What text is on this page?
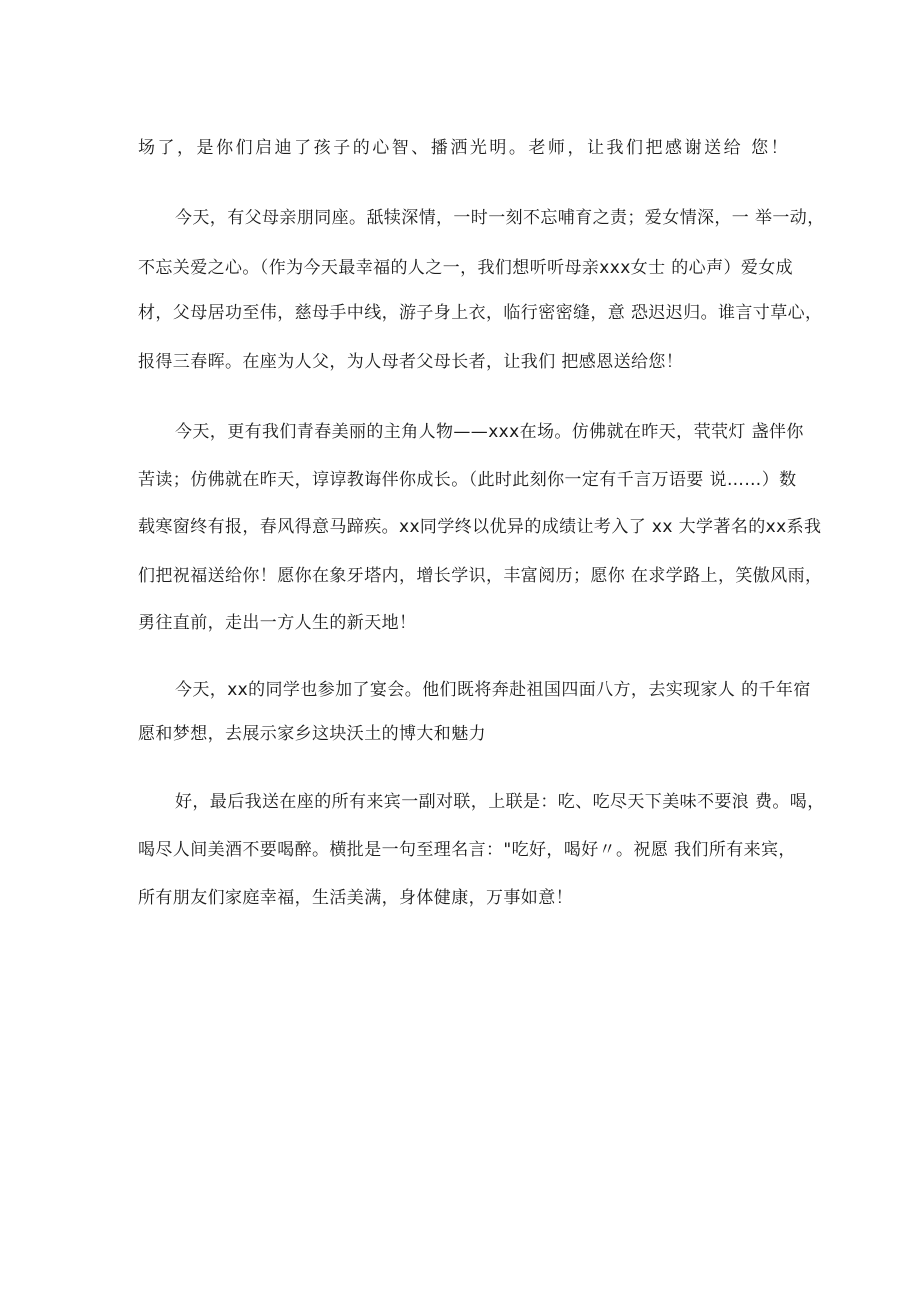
场了，是你们启迪了孩子的心智、播洒光明。老师，让我们把感谢送给 您！
今天，有父母亲朋同座。舐犊深情，一时一刻不忘哺育之责；爱女情深，一 举一动，
不忘关爱之心。（作为今天最幸福的人之一，我们想听听母亲xxx女士 的心声）爱女成
材，父母居功至伟，慈母手中线，游子身上衣，临行密密缝，意 恐迟迟归。谁言寸草心，
报得三春晖。在座为人父，为人母者父母长者，让我们 把感恩送给您！
今天，更有我们青春美丽的主角人物——xxx在场。仿佛就在昨天，茕茕灯 盏伴你
苦读；仿佛就在昨天，谆谆教诲伴你成长。（此时此刻你一定有千言万语要 说……）数
载寒窗终有报，春风得意马蹄疾。xx同学终以优异的成绩让考入了 xx 大学著名的xx系我
们把祝福送给你！愿你在象牙塔内，增长学识，丰富阅历；愿你 在求学路上，笑傲风雨，
勇往直前，走出一方人生的新天地！
今天，xx的同学也参加了宴会。他们既将奔赴祖国四面八方，去实现家人 的千年宿
愿和梦想，去展示家乡这块沃土的博大和魅力
好，最后我送在座的所有来宾一副对联，上联是：吃、吃尽天下美味不要浪 费。喝，
喝尽人间美酒不要喝醉。横批是一句至理名言："吃好，喝好〃。祝愿 我们所有来宾，
所有朋友们家庭幸福，生活美满，身体健康，万事如意！
